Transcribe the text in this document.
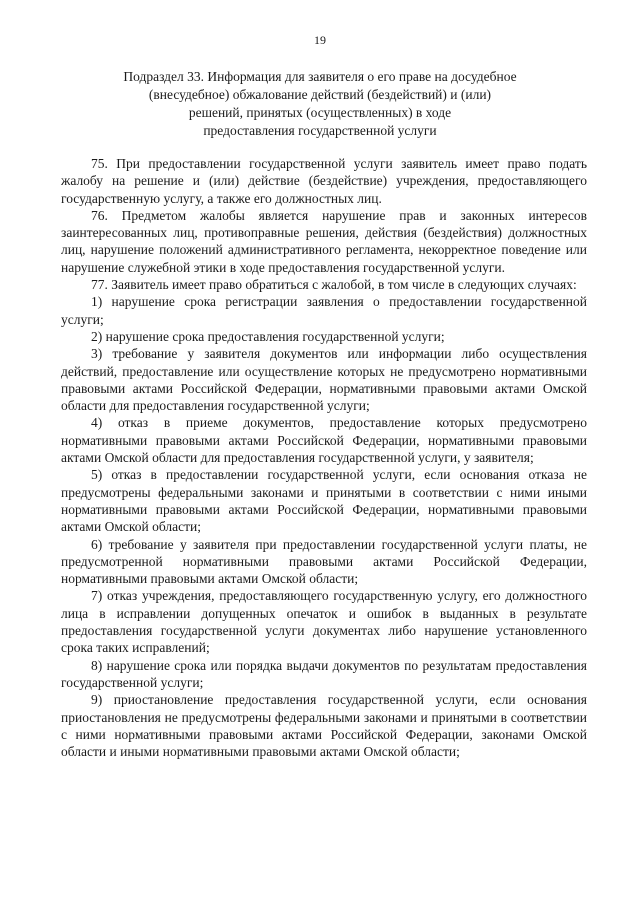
19
Подраздел 33. Информация для заявителя о его праве на досудебное
(внесудебное) обжалование действий (бездействий) и (или)
решений, принятых (осуществленных) в ходе
предоставления государственной услуги

75. При предоставлении государственной услуги заявитель имеет право подать жалобу на решение и (или) действие (бездействие) учреждения, предоставляющего государственную услугу, а также его должностных лиц.

76. Предметом жалобы является нарушение прав и законных интересов заинтересованных лиц, противоправные решения, действия (бездействия) должностных лиц, нарушение положений административного регламента, некорректное поведение или нарушение служебной этики в ходе предоставления государственной услуги.

77. Заявитель имеет право обратиться с жалобой, в том числе в следующих случаях:

1) нарушение срока регистрации заявления о предоставлении государственной услуги;

2) нарушение срока предоставления государственной услуги;

3) требование у заявителя документов или информации либо осуществления действий, предоставление или осуществление которых не предусмотрено нормативными правовыми актами Российской Федерации, нормативными правовыми актами Омской области для предоставления государственной услуги;

4) отказ в приеме документов, предоставление которых предусмотрено нормативными правовыми актами Российской Федерации, нормативными правовыми актами Омской области для предоставления государственной услуги, у заявителя;

5) отказ в предоставлении государственной услуги, если основания отказа не предусмотрены федеральными законами и принятыми в соответствии с ними иными нормативными правовыми актами Российской Федерации, нормативными правовыми актами Омской области;

6) требование у заявителя при предоставлении государственной услуги платы, не предусмотренной нормативными правовыми актами Российской Федерации, нормативными правовыми актами Омской области;

7) отказ учреждения, предоставляющего государственную услугу, его должностного лица в исправлении допущенных опечаток и ошибок в выданных в результате предоставления государственной услуги документах либо нарушение установленного срока таких исправлений;

8) нарушение срока или порядка выдачи документов по результатам предоставления государственной услуги;

9) приостановление предоставления государственной услуги, если основания приостановления не предусмотрены федеральными законами и принятыми в соответствии с ними нормативными правовыми актами Российской Федерации, законами Омской области и иными нормативными правовыми актами Омской области;
